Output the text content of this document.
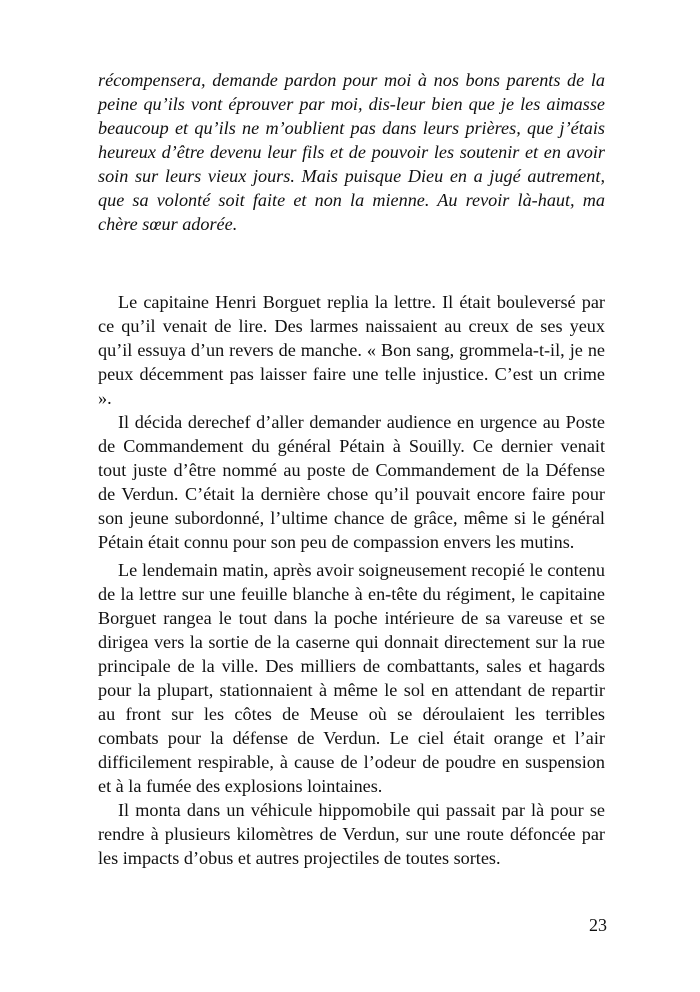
récompensera, demande pardon pour moi à nos bons parents de la peine qu’ils vont éprouver par moi, dis-leur bien que je les aimasse beaucoup et qu’ils ne m’oublient pas dans leurs prières, que j’étais heureux d’être devenu leur fils et de pouvoir les soutenir et en avoir soin sur leurs vieux jours. Mais puisque Dieu en a jugé autrement, que sa volonté soit faite et non la mienne. Au revoir là-haut, ma chère sœur adorée.

Le capitaine Henri Borguet replia la lettre. Il était bouleversé par ce qu’il venait de lire. Des larmes naissaient au creux de ses yeux qu’il essuya d’un revers de manche. « Bon sang, grommela-t-il, je ne peux décemment pas laisser faire une telle injustice. C’est un crime ».

Il décida derechef d’aller demander audience en urgence au Poste de Commandement du général Pétain à Souilly. Ce dernier venait tout juste d’être nommé au poste de Commandement de la Défense de Verdun. C’était la dernière chose qu’il pouvait encore faire pour son jeune subordonné, l’ultime chance de grâce, même si le général Pétain était connu pour son peu de compassion envers les mutins.

Le lendemain matin, après avoir soigneusement recopié le contenu de la lettre sur une feuille blanche à en-tête du régiment, le capitaine Borguet rangea le tout dans la poche intérieure de sa vareuse et se dirigea vers la sortie de la caserne qui donnait directement sur la rue principale de la ville. Des milliers de combattants, sales et hagards pour la plupart, stationnaient à même le sol en attendant de repartir au front sur les côtes de Meuse où se déroulaient les terribles combats pour la défense de Verdun. Le ciel était orange et l’air difficilement respirable, à cause de l’odeur de poudre en suspension et à la fumée des explosions lointaines.

Il monta dans un véhicule hippomobile qui passait par là pour se rendre à plusieurs kilomètres de Verdun, sur une route défoncée par les impacts d’obus et autres projectiles de toutes sortes.

23
